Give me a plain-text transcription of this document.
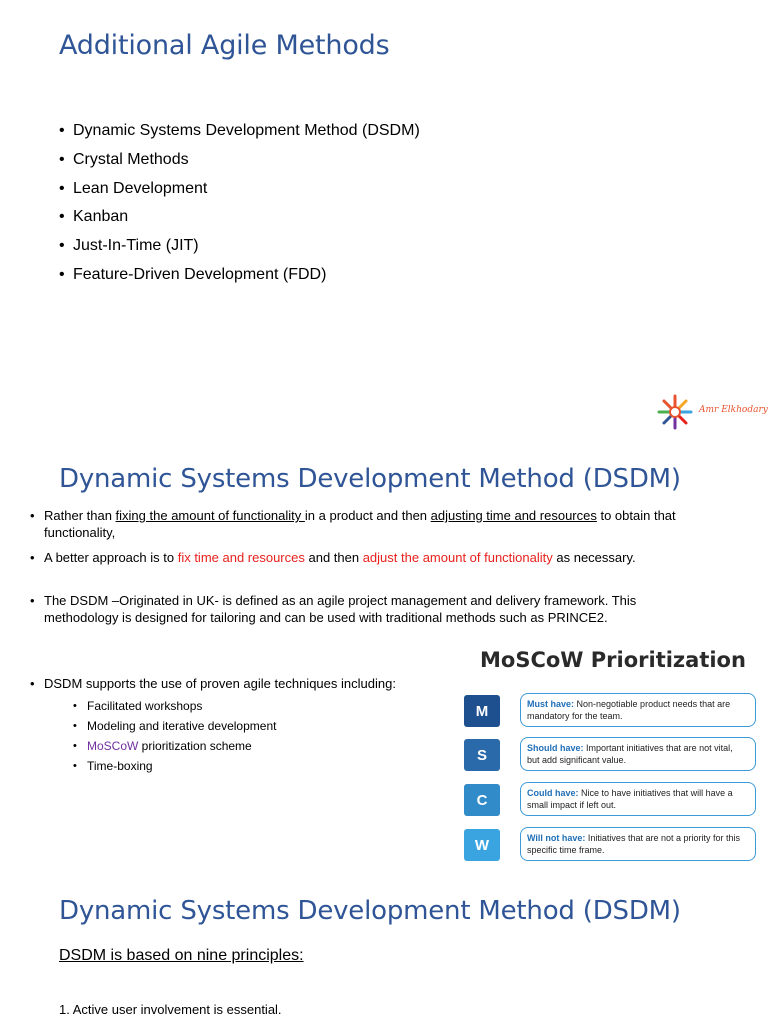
Additional Agile Methods
• Dynamic Systems Development Method (DSDM)
• Crystal Methods
• Lean Development
• Kanban
• Just-In-Time (JIT)
• Feature-Driven Development (FDD)
Amr Elkhodary
Dynamic Systems Development Method (DSDM)
• Rather than fixing the amount of functionality in a product and then adjusting time and resources to obtain that functionality,
• A better approach is to fix time and resources and then adjust the amount of functionality as necessary.
• The DSDM –Originated in UK- is defined as an agile project management and delivery framework. This methodology is designed for tailoring and can be used with traditional methods such as PRINCE2.
• DSDM supports the use of proven agile techniques including:
• Facilitated workshops
• Modeling and iterative development
• MoSCoW prioritization scheme
• Time-boxing
MoSCoW Prioritization
M	Must have: Non-negotiable product needs that are mandatory for the team.
S	Should have: Important initiatives that are not vital, but add significant value.
C	Could have: Nice to have initiatives that will have a small impact if left out.
W	Will not have: Initiatives that are not a priority for this specific time frame.
Dynamic Systems Development Method (DSDM)
DSDM is based on nine principles:
1. Active user involvement is essential.
